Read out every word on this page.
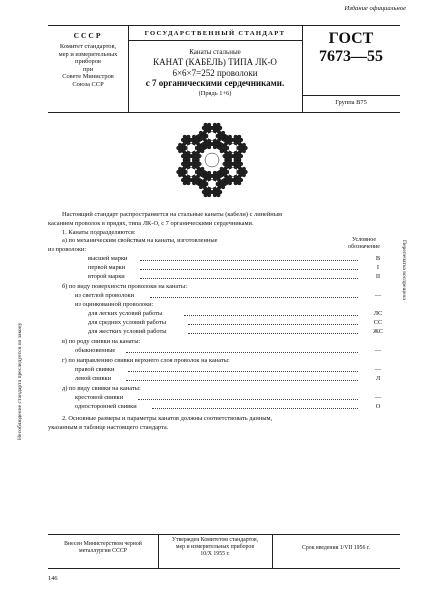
Издание официальное
СССР
Комитет стандартов,
мер и измерительных
приборов
при
Совете Министров
Союза ССР
ГОСУДАРСТВЕННЫЙ СТАНДАРТ
Канаты стальные
КАНАТ (КАБЕЛЬ) ТИПА ЛК-О
6×6×7=252 проволоки
с 7 органическими сердечниками.
(Прядь 1+6)
ГОСТ
7673—55
Группа В75
Несоблюдение стандарта преследуется по закону
Перепечатка воспрещена
Настоящий стандарт распространяется на стальные канаты (кабели) с линейным
касанием проволок в прядях, типа ЛК-О, с 7 органическими сердечниками.
1. Канаты подразделяются:
Условное
обозначение
а) по механическим свойствам на канаты, изготовленные
из проволоки:
высшей марки	В
первой марки	I
второй марки	II
б) по виду поверхности проволоки на канаты:
из светлой проволоки	—
из оцинкованной проволоки:
для легких условий работы	ЛС
для средних условий работы	СС
для жестких условий работы	ЖС
в) по роду свивки на канаты:
обыкновенные	—
г) по направлению свивки верхнего слоя проволок на канаты:
правой свивки	—
левой свивки	Л
д) по виду свивки на канаты:
крестовой свивки	—
односторонней свивки	О
2. Основные размеры и параметры канатов должны соответствовать данным,
указанным в таблице настоящего стандарта.
Внесен Министерством черной
металлургии СССР
Утвержден Комитетом стандартов,
мер и измерительных приборов
10/X 1955 г.
Срок введения 1/VII 1956 г.
146
